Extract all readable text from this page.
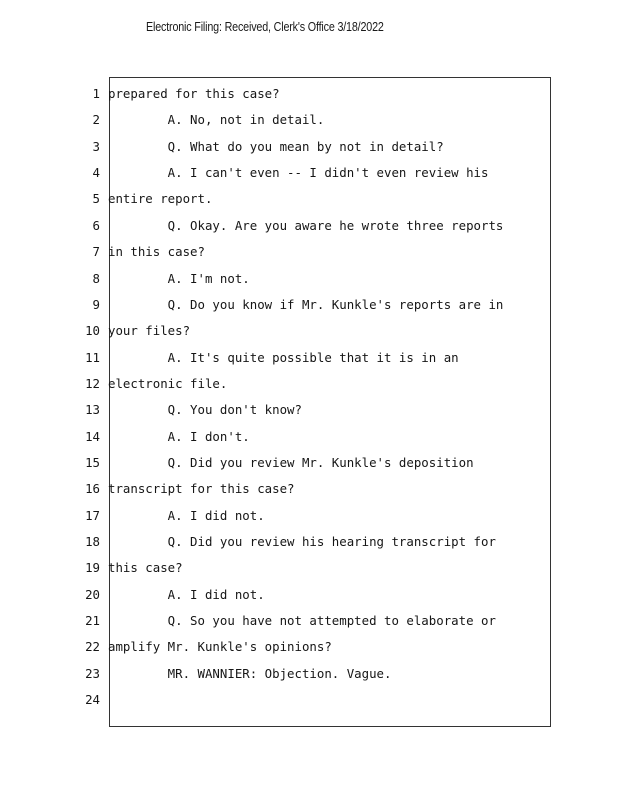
Electronic Filing: Received, Clerk's Office 3/18/2022
1 prepared for this case?
2 A. No, not in detail.
3 Q. What do you mean by not in detail?
4 A. I can't even -- I didn't even review his
5 entire report.
6 Q. Okay. Are you aware he wrote three reports
7 in this case?
8 A. I'm not.
9 Q. Do you know if Mr. Kunkle's reports are in
10 your files?
11 A. It's quite possible that it is in an
12 electronic file.
13 Q. You don't know?
14 A. I don't.
15 Q. Did you review Mr. Kunkle's deposition
16 transcript for this case?
17 A. I did not.
18 Q. Did you review his hearing transcript for
19 this case?
20 A. I did not.
21 Q. So you have not attempted to elaborate or
22 amplify Mr. Kunkle's opinions?
23 MR. WANNIER: Objection. Vague.
24
